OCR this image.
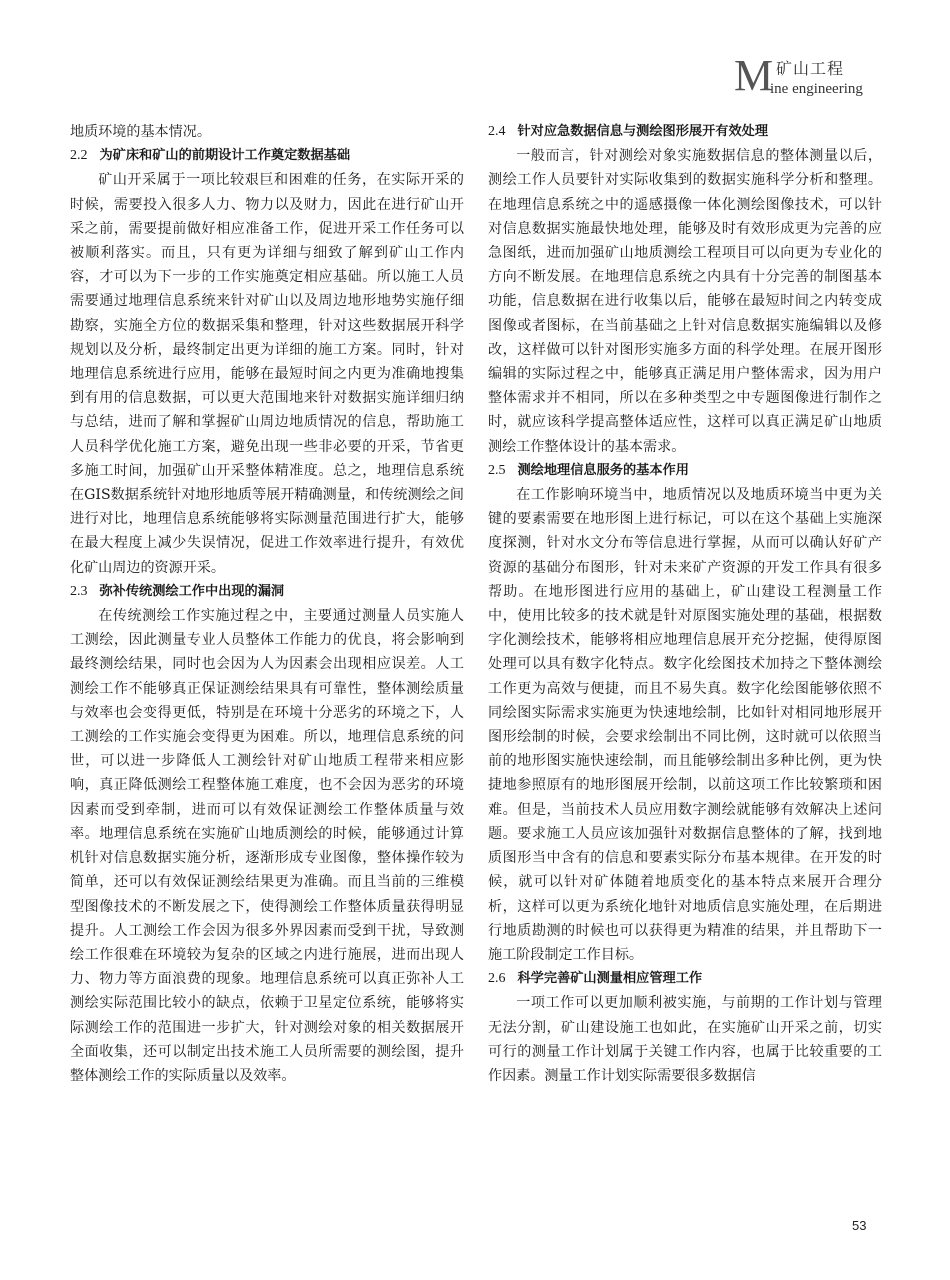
M 矿山工程
ine engineering

地质环境的基本情况。

2.2 为矿床和矿山的前期设计工作奠定数据基础

矿山开采属于一项比较艰巨和困难的任务，在实际开采的时候，需要投入很多人力、物力以及财力，因此在进行矿山开采之前，需要提前做好相应准备工作，促进开采工作任务可以被顺利落实。而且，只有更为详细与细致了解到矿山工作内容，才可以为下一步的工作实施奠定相应基础。所以施工人员需要通过地理信息系统来针对矿山以及周边地形地势实施仔细勘察，实施全方位的数据采集和整理，针对这些数据展开科学规划以及分析，最终制定出更为详细的施工方案。同时，针对地理信息系统进行应用，能够在最短时间之内更为准确地搜集到有用的信息数据，可以更大范围地来针对数据实施详细归纳与总结，进而了解和掌握矿山周边地质情况的信息，帮助施工人员科学优化施工方案，避免出现一些非必要的开采，节省更多施工时间，加强矿山开采整体精准度。总之，地理信息系统在GIS数据系统针对地形地质等展开精确测量，和传统测绘之间进行对比，地理信息系统能够将实际测量范围进行扩大，能够在最大程度上减少失误情况，促进工作效率进行提升，有效优化矿山周边的资源开采。

2.3 弥补传统测绘工作中出现的漏洞

在传统测绘工作实施过程之中，主要通过测量人员实施人工测绘，因此测量专业人员整体工作能力的优良，将会影响到最终测绘结果，同时也会因为人为因素会出现相应误差。人工测绘工作不能够真正保证测绘结果具有可靠性，整体测绘质量与效率也会变得更低，特别是在环境十分恶劣的环境之下，人工测绘的工作实施会变得更为困难。所以，地理信息系统的问世，可以进一步降低人工测绘针对矿山地质工程带来相应影响，真正降低测绘工程整体施工难度，也不会因为恶劣的环境因素而受到牵制，进而可以有效保证测绘工作整体质量与效率。地理信息系统在实施矿山地质测绘的时候，能够通过计算机针对信息数据实施分析，逐渐形成专业图像，整体操作较为简单，还可以有效保证测绘结果更为准确。而且当前的三维模型图像技术的不断发展之下，使得测绘工作整体质量获得明显提升。人工测绘工作会因为很多外界因素而受到干扰，导致测绘工作很难在环境较为复杂的区域之内进行施展，进而出现人力、物力等方面浪费的现象。地理信息系统可以真正弥补人工测绘实际范围比较小的缺点，依赖于卫星定位系统，能够将实际测绘工作的范围进一步扩大，针对测绘对象的相关数据展开全面收集，还可以制定出技术施工人员所需要的测绘图，提升整体测绘工作的实际质量以及效率。

2.4 针对应急数据信息与测绘图形展开有效处理

一般而言，针对测绘对象实施数据信息的整体测量以后，测绘工作人员要针对实际收集到的数据实施科学分析和整理。在地理信息系统之中的遥感摄像一体化测绘图像技术，可以针对信息数据实施最快地处理，能够及时有效形成更为完善的应急图纸，进而加强矿山地质测绘工程项目可以向更为专业化的方向不断发展。在地理信息系统之内具有十分完善的制图基本功能，信息数据在进行收集以后，能够在最短时间之内转变成图像或者图标，在当前基础之上针对信息数据实施编辑以及修改，这样做可以针对图形实施多方面的科学处理。在展开图形编辑的实际过程之中，能够真正满足用户整体需求，因为用户整体需求并不相同，所以在多种类型之中专题图像进行制作之时，就应该科学提高整体适应性，这样可以真正满足矿山地质测绘工作整体设计的基本需求。

2.5 测绘地理信息服务的基本作用

在工作影响环境当中，地质情况以及地质环境当中更为关键的要素需要在地形图上进行标记，可以在这个基础上实施深度探测，针对水文分布等信息进行掌握，从而可以确认好矿产资源的基础分布图形，针对未来矿产资源的开发工作具有很多帮助。在地形图进行应用的基础上，矿山建设工程测量工作中，使用比较多的技术就是针对原图实施处理的基础，根据数字化测绘技术，能够将相应地理信息展开充分挖掘，使得原图处理可以具有数字化特点。数字化绘图技术加持之下整体测绘工作更为高效与便捷，而且不易失真。数字化绘图能够依照不同绘图实际需求实施更为快速地绘制，比如针对相同地形展开图形绘制的时候，会要求绘制出不同比例，这时就可以依照当前的地形图实施快速绘制，而且能够绘制出多种比例，更为快捷地参照原有的地形图展开绘制，以前这项工作比较繁琐和困难。但是，当前技术人员应用数字测绘就能够有效解决上述问题。要求施工人员应该加强针对数据信息整体的了解，找到地质图形当中含有的信息和要素实际分布基本规律。在开发的时候，就可以针对矿体随着地质变化的基本特点来展开合理分析，这样可以更为系统化地针对地质信息实施处理，在后期进行地质勘测的时候也可以获得更为精准的结果，并且帮助下一施工阶段制定工作目标。

2.6 科学完善矿山测量相应管理工作

一项工作可以更加顺利被实施，与前期的工作计划与管理无法分割，矿山建设施工也如此，在实施矿山开采之前，切实可行的测量工作计划属于关键工作内容，也属于比较重要的工作因素。测量工作计划实际需要很多数据信

53
